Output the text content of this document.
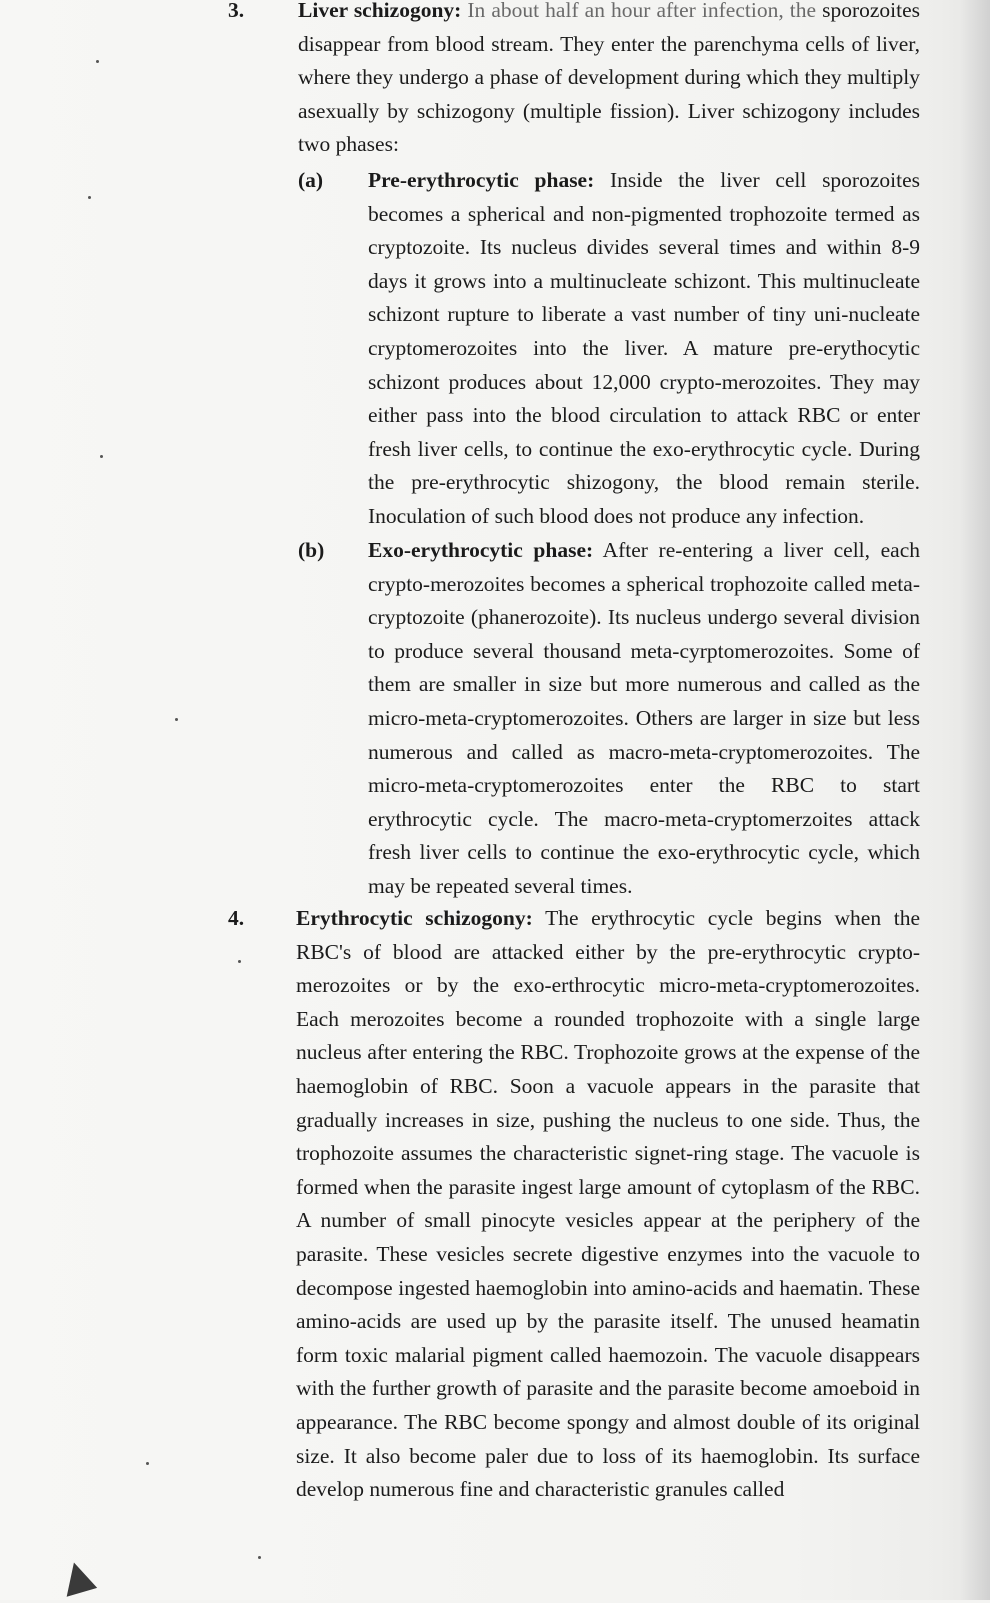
3.	Liver schizogony: In about half an hour after infection, the sporozoites disappear from blood stream. They enter the parenchyma cells of liver, where they undergo a phase of development during which they multiply asexually by schizogony (multiple fission). Liver schizogony includes two phases:
(a) Pre-erythrocytic phase: Inside the liver cell sporozoites becomes a spherical and non-pigmented trophozoite termed as cryptozoite. Its nucleus divides several times and within 8-9 days it grows into a multinucleate schizont. This multinucleate schizont rupture to liberate a vast number of tiny uni-nucleate cryptomerozoites into the liver. A mature pre-erythocytic schizont produces about 12,000 crypto-merozoites. They may either pass into the blood circulation to attack RBC or enter fresh liver cells, to continue the exo-erythrocytic cycle. During the pre-erythrocytic shizogony, the blood remain sterile. Inoculation of such blood does not produce any infection.
(b) Exo-erythrocytic phase: After re-entering a liver cell, each crypto-merozoites becomes a spherical trophozoite called meta-cryptozoite (phanerozoite). Its nucleus undergo several division to produce several thousand meta-cyrptomerozoites. Some of them are smaller in size but more numerous and called as the micro-meta-cryptomerozoites. Others are larger in size but less numerous and called as macro-meta-cryptomerozoites. The micro-meta-cryptomerozoites enter the RBC to start erythrocytic cycle. The macro-meta-cryptomerzoites attack fresh liver cells to continue the exo-erythrocytic cycle, which may be repeated several times.
4. Erythrocytic schizogony: The erythrocytic cycle begins when the RBC's of blood are attacked either by the pre-erythrocytic crypto-merozoites or by the exo-erthrocytic micro-meta-cryptomerozoites. Each merozoites become a rounded trophozoite with a single large nucleus after entering the RBC. Trophozoite grows at the expense of the haemoglobin of RBC. Soon a vacuole appears in the parasite that gradually increases in size, pushing the nucleus to one side. Thus, the trophozoite assumes the characteristic signet-ring stage. The vacuole is formed when the parasite ingest large amount of cytoplasm of the RBC. A number of small pinocyte vesicles appear at the periphery of the parasite. These vesicles secrete digestive enzymes into the vacuole to decompose ingested haemoglobin into amino-acids and haematin. These amino-acids are used up by the parasite itself. The unused heamatin form toxic malarial pigment called haemozoin. The vacuole disappears with the further growth of parasite and the parasite become amoeboid in appearance. The RBC become spongy and almost double of its original size. It also become paler due to loss of its haemoglobin. Its surface develop numerous fine and characteristic granules called
